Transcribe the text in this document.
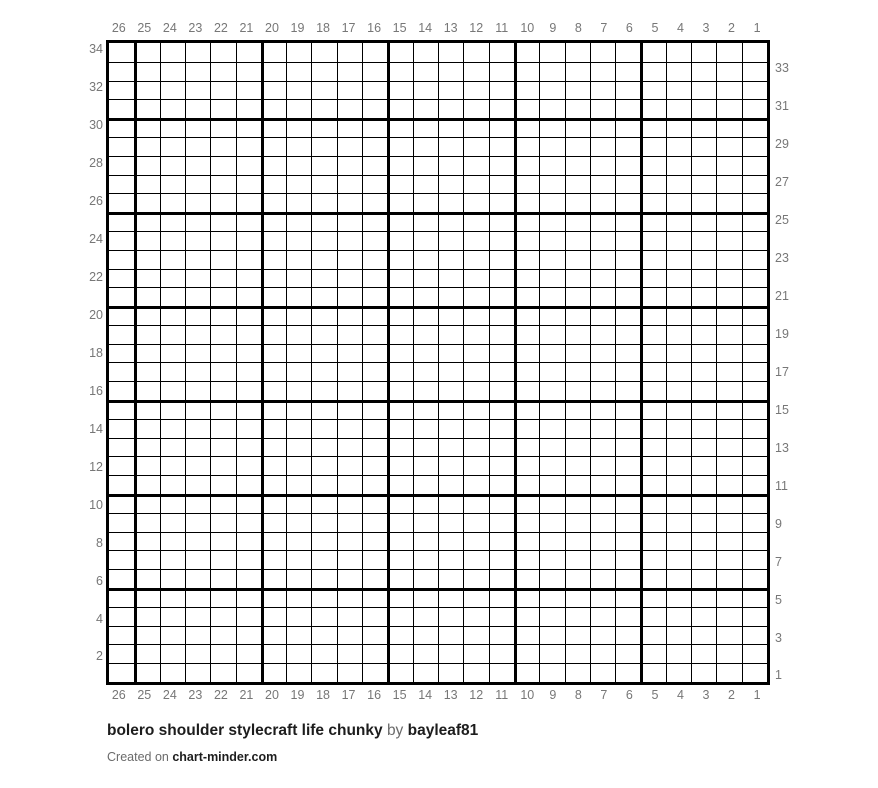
26 25 24 23 22 21 20 19 18 17 16 15 14 13 12 11 10	9	8	7	6	5	4	3	2	1
34
32
30
28
26
24
22
20
18
16
14
12
10
8
6
4
2
33
31
29
27
25
23
21
19
17
15
13
11
9
7
5
3
1
26 25 24 23 22 21 20 19 18 17 16 15 14 13 12 11 10	9	8	7	6	5	4	3	2	1
bolero shoulder stylecraft life chunky by bayleaf81
Created on chart-minder.com
